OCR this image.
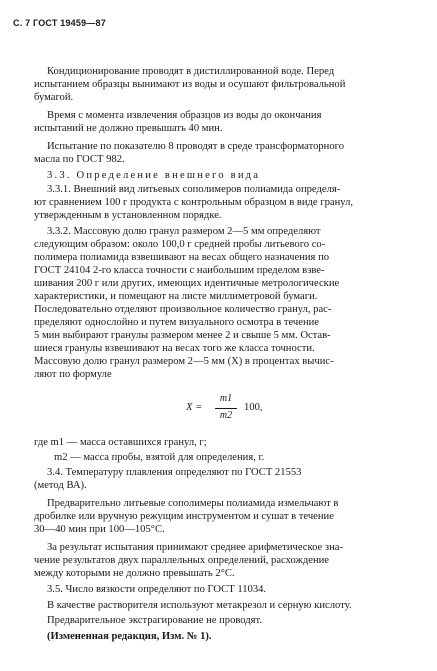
С. 7 ГОСТ 19459—87
Кондиционирование проводят в дистиллированной воде. Перед
испытанием образцы вынимают из воды и осушают фильтровальной
бумагой.
Время с момента извлечения образцов из воды до окончания
испытаний не должно превышать 40 мин.
Испытание по показателю 8 проводят в среде трансформаторного
масла по ГОСТ 982.
3.3. Определение внешнего вида
3.3.1. Внешний вид литьевых сополимеров полиамида определя-
ют сравнением 100 г продукта с контрольным образцом в виде гранул,
утвержденным в установленном порядке.
3.3.2. Массовую долю гранул размером 2—5 мм определяют
следующим образом: около 100,0 г средней пробы литьевого со-
полимера полиамида взвешивают на весах общего назначения по
ГОСТ 24104 2-го класса точности с наибольшим пределом взве-
шивания 200 г или других, имеющих идентичные метрологические
характеристики, и помещают на листе миллиметровой бумаги.
Последовательно отделяют произвольное количество гранул, рас-
пределяют однослойно и путем визуального осмотра в течение
5 мин выбирают гранулы размером менее 2 и свыше 5 мм. Остав-
шиеся гранулы взвешивают на весах того же класса точности.
Массовую долю гранул размером 2—5 мм (X) в процентах вычис-
ляют по формуле
X =
m1
m2
100,
где m1 — масса оставшихся гранул, г;
m2 — масса пробы, взятой для определения, г.
3.4. Температуру плавления определяют по ГОСТ 21553
(метод ВА).
Предварительно литьевые сополимеры полиамида измельчают в
дробилке или вручную режущим инструментом и сушат в течение
30—40 мин при 100—105°С.
За результат испытания принимают среднее арифметическое зна-
чение результатов двух параллельных определений, расхождение
между которыми не должно превышать 2°С.
3.5. Число вязкости определяют по ГОСТ 11034.
В качестве растворителя используют метакрезол и серную кислоту.
Предварительное экстрагирование не проводят.
(Измененная редакция, Изм. № 1).
